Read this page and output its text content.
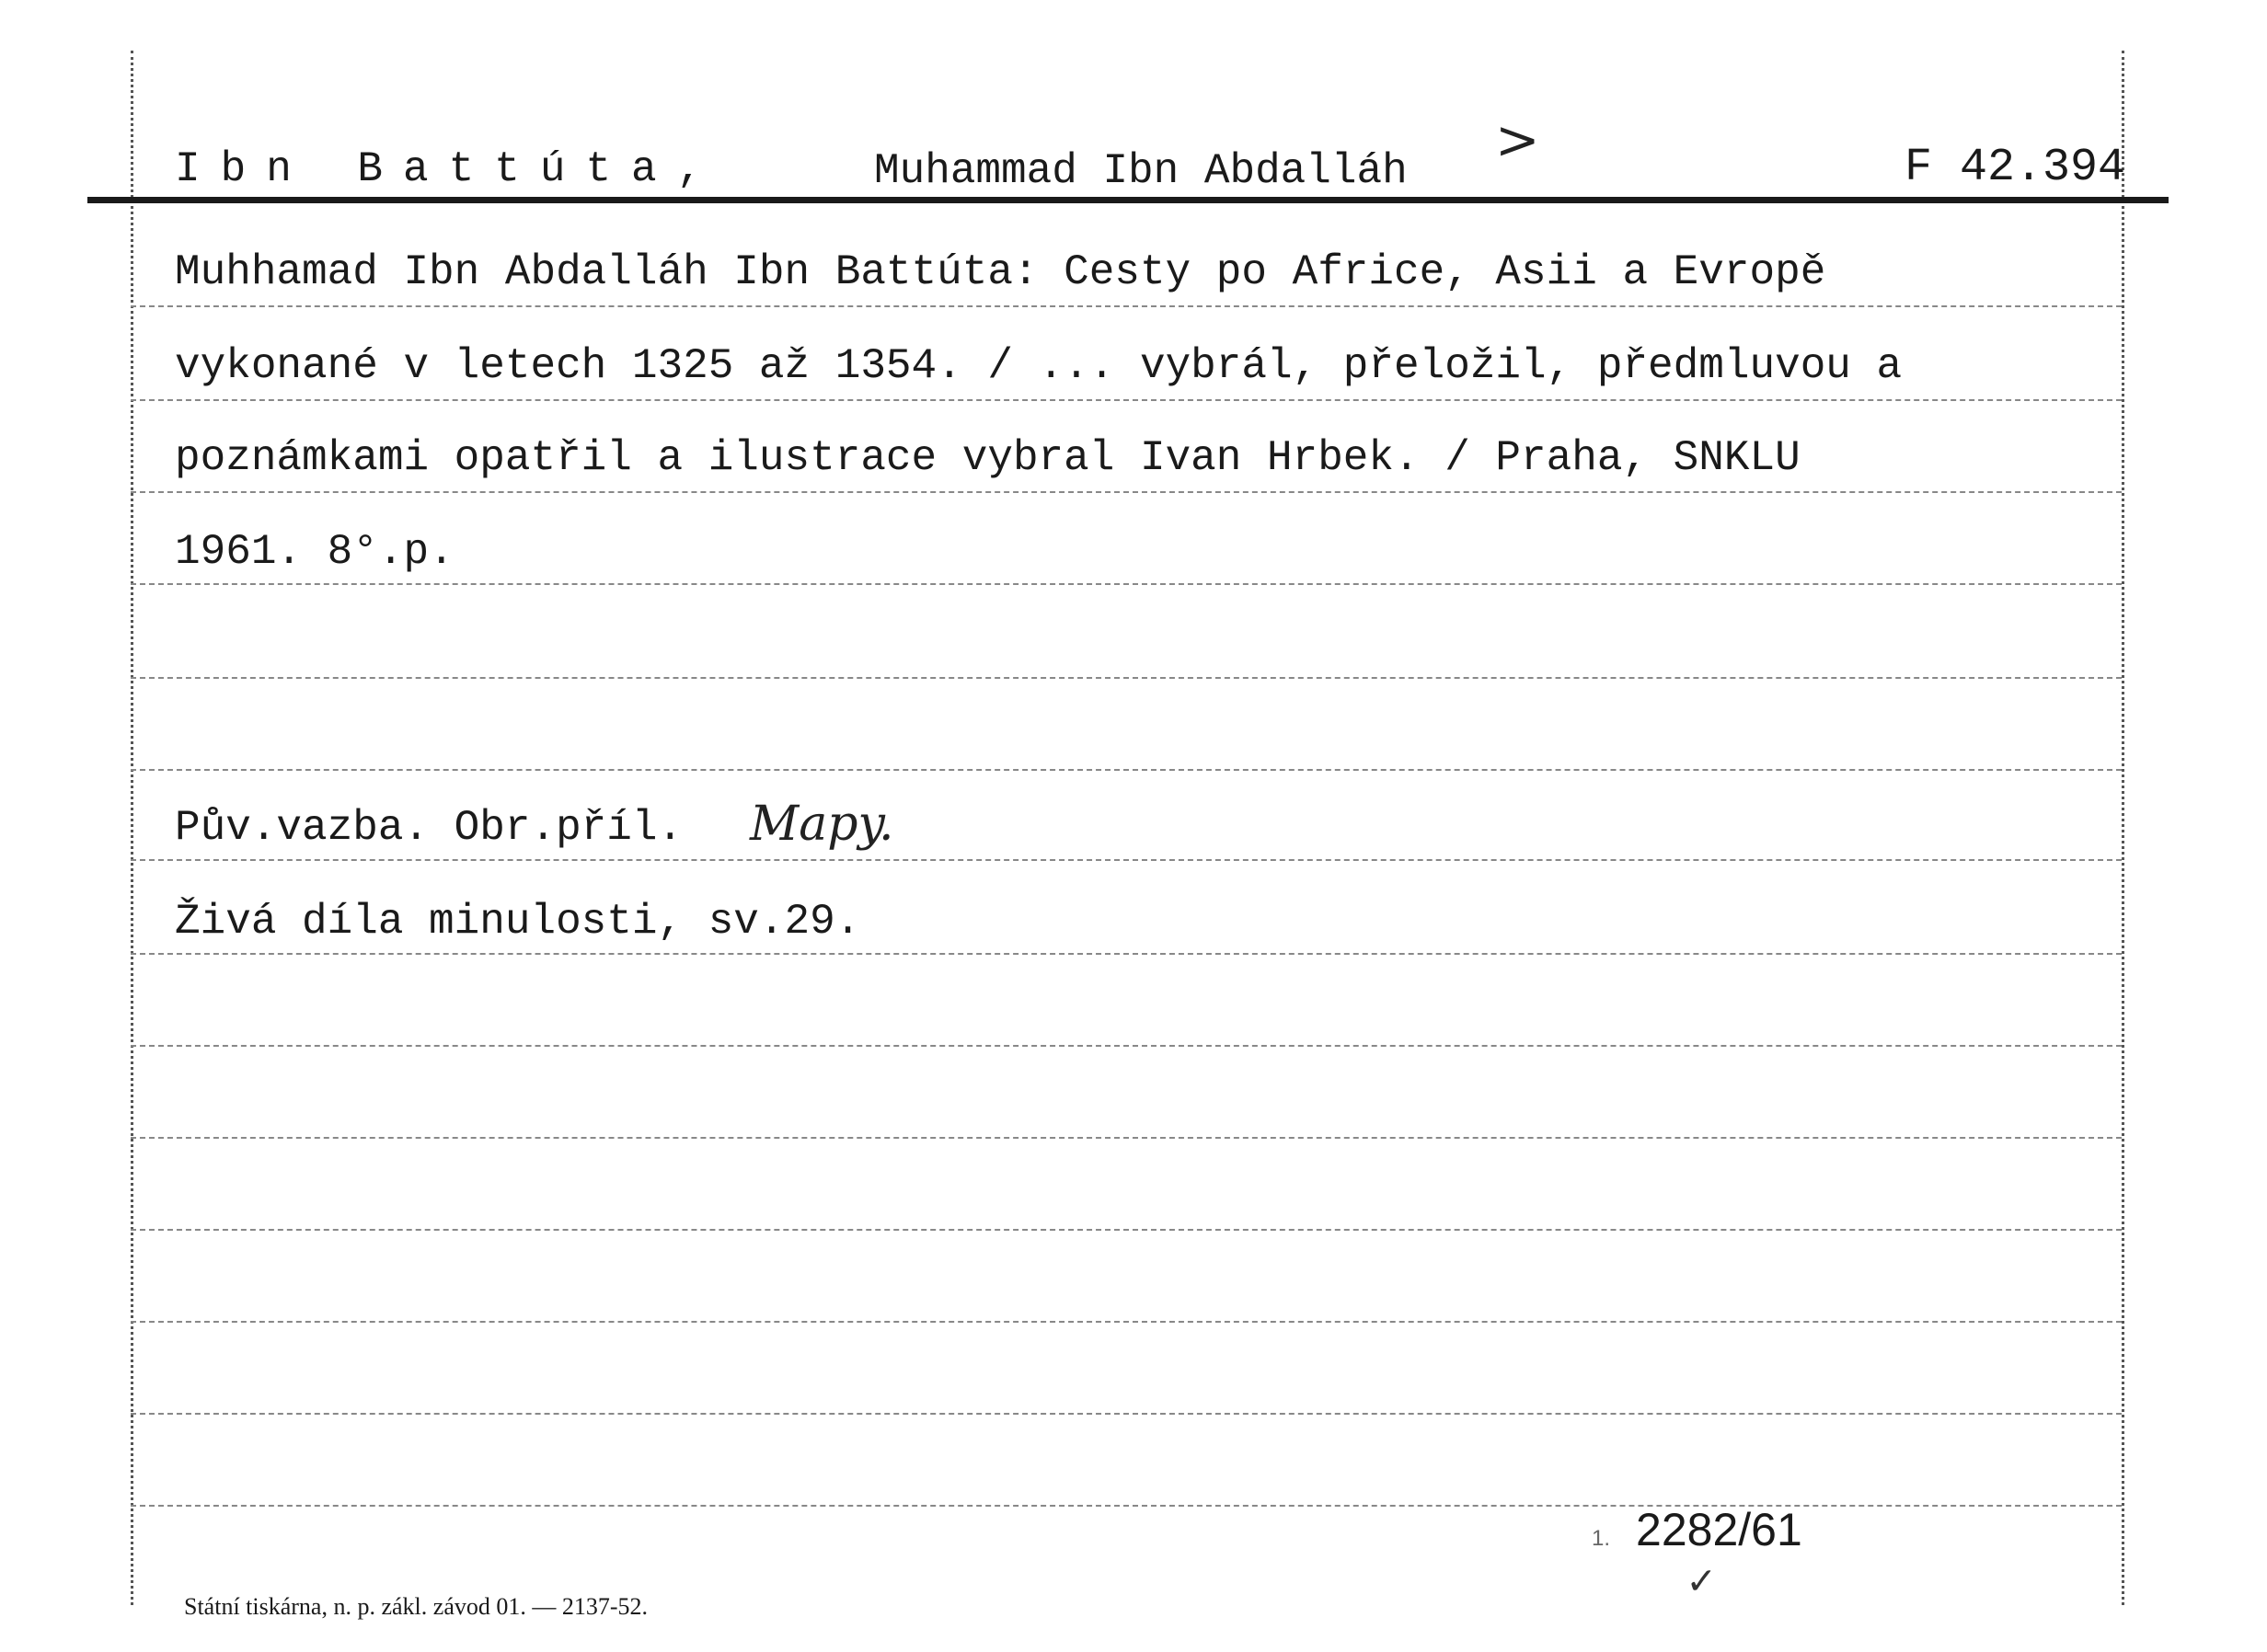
Ibn Battúta,	Muhammad Ibn Abdalláh >	F 42.394
Muhhamad Ibn Abdalláh Ibn Battúta: Cesty po Africe, Asii a Evropě
vykonané v letech 1325 až 1354. / ... vybrál, přeložil, předmluvou a
poznámkami opatřil a ilustrace vybral Ivan Hrbek. / Praha, SNKLU
1961. 8°.p.
Pův.vazba. Obr.příl. Mapy.
Živá díla minulosti, sv.29.
1. 2282/61
✓
Státní tiskárna, n. p. zákl. závod 01. — 2137-52.
